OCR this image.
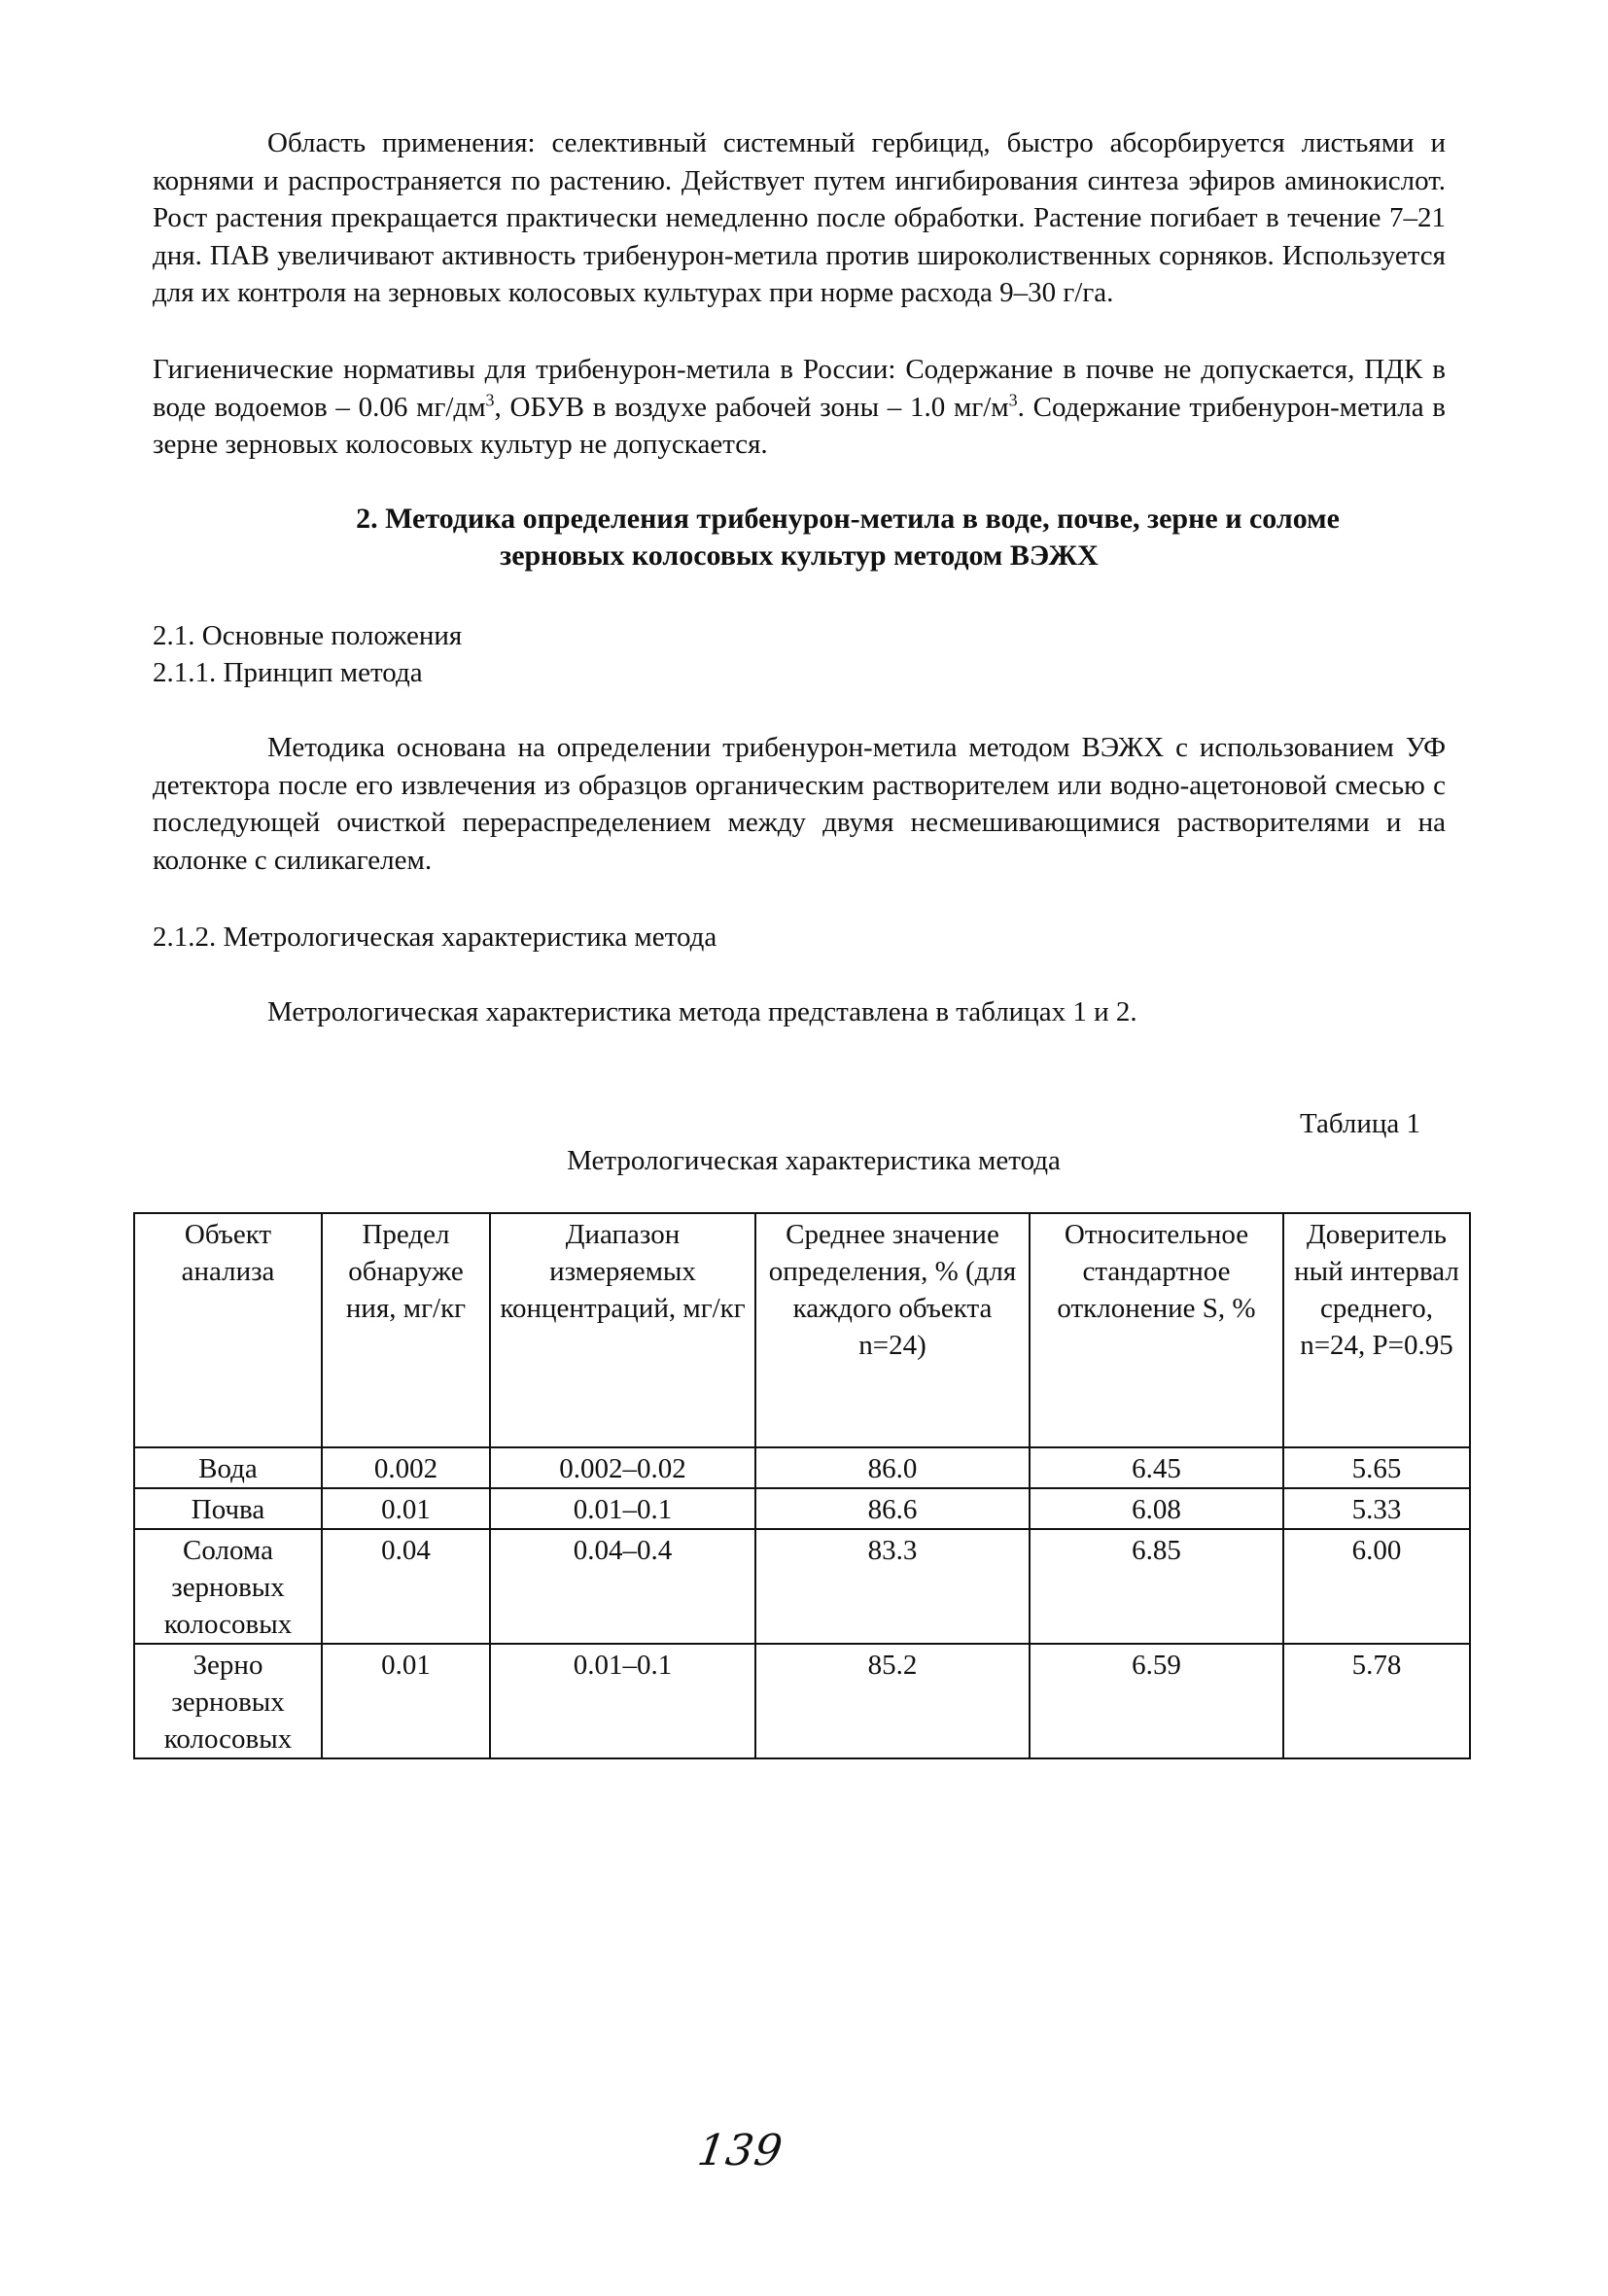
Область применения: селективный системный гербицид, быстро абсорбируется листьями и корнями и распространяется по растению. Действует путем ингибирования синтеза эфиров аминокислот. Рост растения прекращается практически немедленно после обработки. Растение погибает в течение 7–21 дня. ПАВ увеличивают активность трибенурон-метила против широколиственных сорняков. Используется для их контроля на зерновых колосовых культурах при норме расхода 9–30 г/га.

Гигиенические нормативы для трибенурон-метила в России: Содержание в почве не допускается, ПДК в воде водоемов – 0.06 $мг/дм^3$, ОБУВ в воздухе рабочей зоны – 1.0 $мг/м^3$. Содержание трибенурон-метила в зерне зерновых колосовых культур не допускается.

2. Методика определения трибенурон-метила в воде, почве, зерне и соломе
зерновых колосовых культур методом ВЭЖХ
2.1. Основные положения
2.1.1. Принцип метода

Методика основана на определении трибенурон-метила методом ВЭЖХ с использованием УФ детектора после его извлечения из образцов органическим растворителем или водно-ацетоновой смесью с последующей очисткой перераспределением между двумя несмешивающимися растворителями и на колонке с силикагелем.

2.1.2. Метрологическая характеристика метода

Метрологическая характеристика метода представлена в таблицах 1 и 2.

Таблица 1
Метрологическая характеристика метода
Объект анализа	Предел обнаруже ния, мг/кг	Диапазон измеряемых концентраций, мг/кг	Среднее значение определения, % (для каждого объекта n=24)	Относительное стандартное отклонение S, %	Доверитель ный интервал среднего, n=24, P=0.95
Вода	0.002	0.002–0.02	86.0	6.45	5.65
Почва	0.01	0.01–0.1	86.6	6.08	5.33
Солома зерновых колосовых	0.04	0.04–0.4	83.3	6.85	6.00
Зерно зерновых колосовых	0.01	0.01–0.1	85.2	6.59	5.78
139
